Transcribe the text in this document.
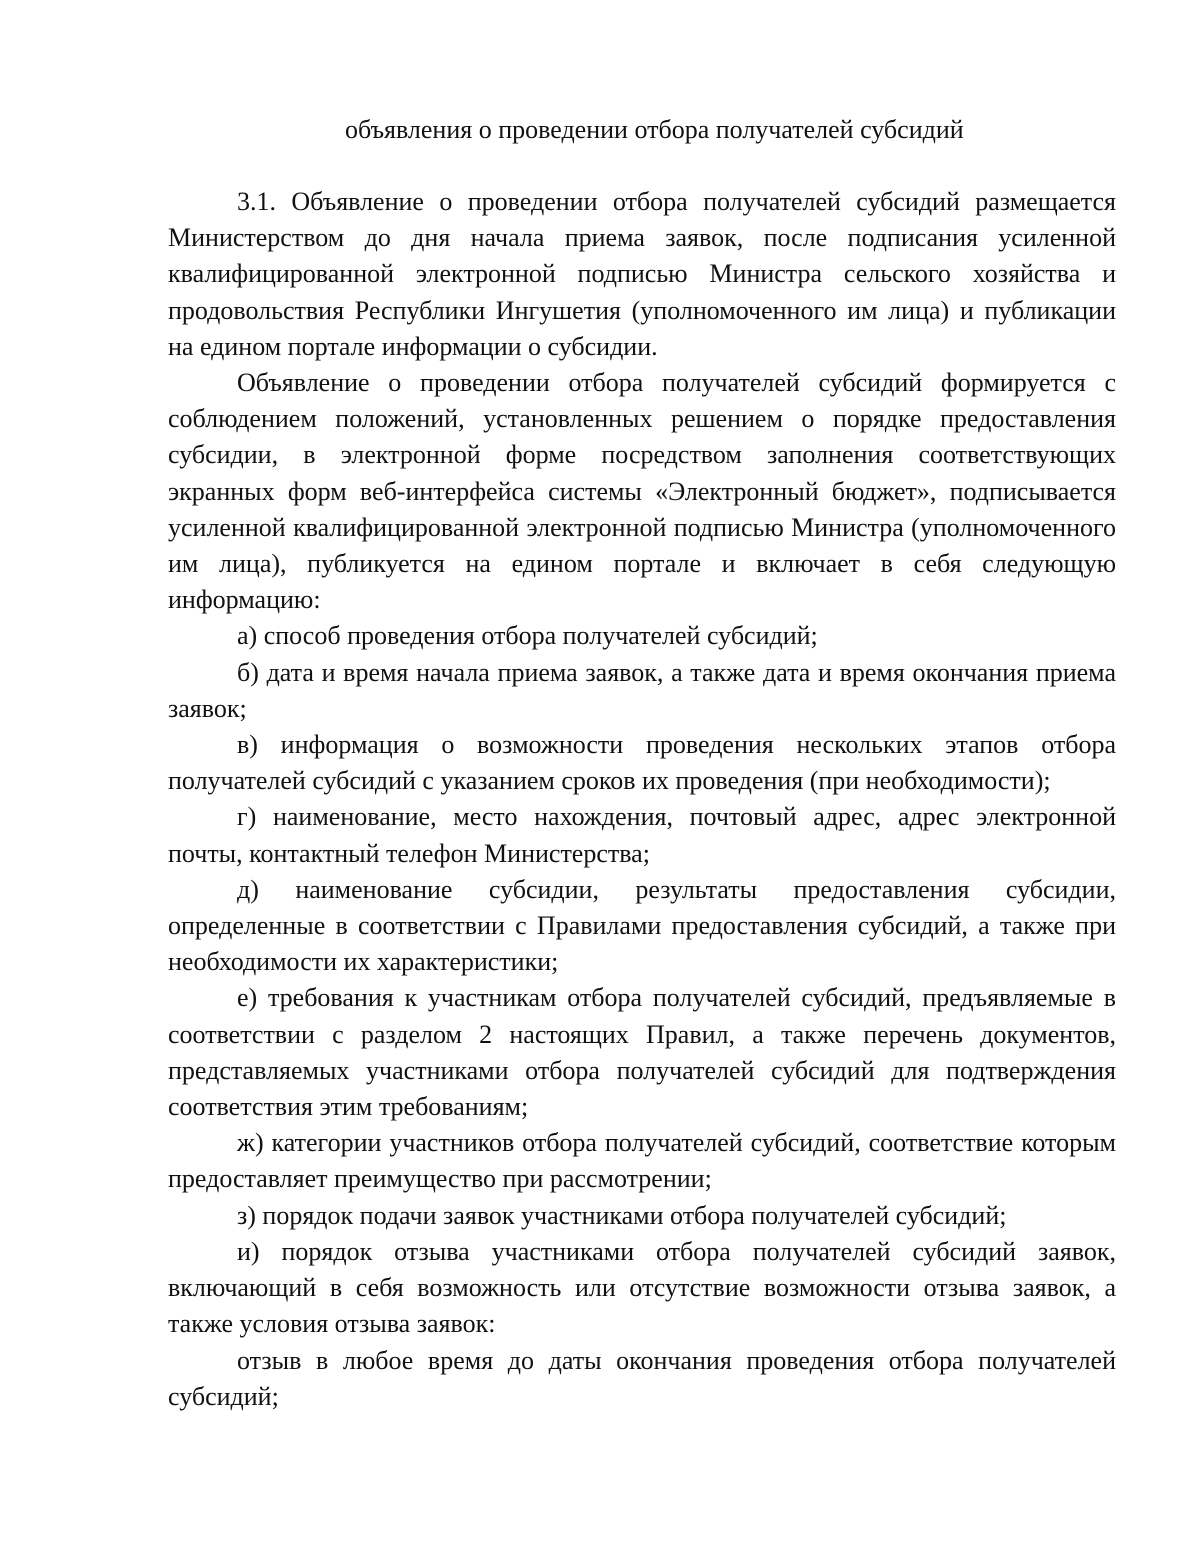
объявления о проведении отбора получателей субсидий

3.1. Объявление о проведении отбора получателей субсидий размещается Министерством до дня начала приема заявок, после подписания усиленной квалифицированной электронной подписью Министра сельского хозяйства и продовольствия Республики Ингушетия (уполномоченного им лица) и публикации на едином портале информации о субсидии.

Объявление о проведении отбора получателей субсидий формируется с соблюдением положений, установленных решением о порядке предоставления субсидии, в электронной форме посредством заполнения соответствующих экранных форм веб-интерфейса системы «Электронный бюджет», подписывается усиленной квалифицированной электронной подписью Министра (уполномоченного им лица), публикуется на едином портале и включает в себя следующую информацию:

а) способ проведения отбора получателей субсидий;

б) дата и время начала приема заявок, а также дата и время окончания приема заявок;

в) информация о возможности проведения нескольких этапов отбора получателей субсидий с указанием сроков их проведения (при необходимости);

г) наименование, место нахождения, почтовый адрес, адрес электронной почты, контактный телефон Министерства;

д) наименование субсидии, результаты предоставления субсидии, определенные в соответствии с Правилами предоставления субсидий, а также при необходимости их характеристики;

е) требования к участникам отбора получателей субсидий, предъявляемые в соответствии с разделом 2 настоящих Правил, а также перечень документов, представляемых участниками отбора получателей субсидий для подтверждения соответствия этим требованиям;

ж) категории участников отбора получателей субсидий, соответствие которым предоставляет преимущество при рассмотрении;

з) порядок подачи заявок участниками отбора получателей субсидий;

и) порядок отзыва участниками отбора получателей субсидий заявок, включающий в себя возможность или отсутствие возможности отзыва заявок, а также условия отзыва заявок:

отзыв в любое время до даты окончания проведения отбора получателей субсидий;
